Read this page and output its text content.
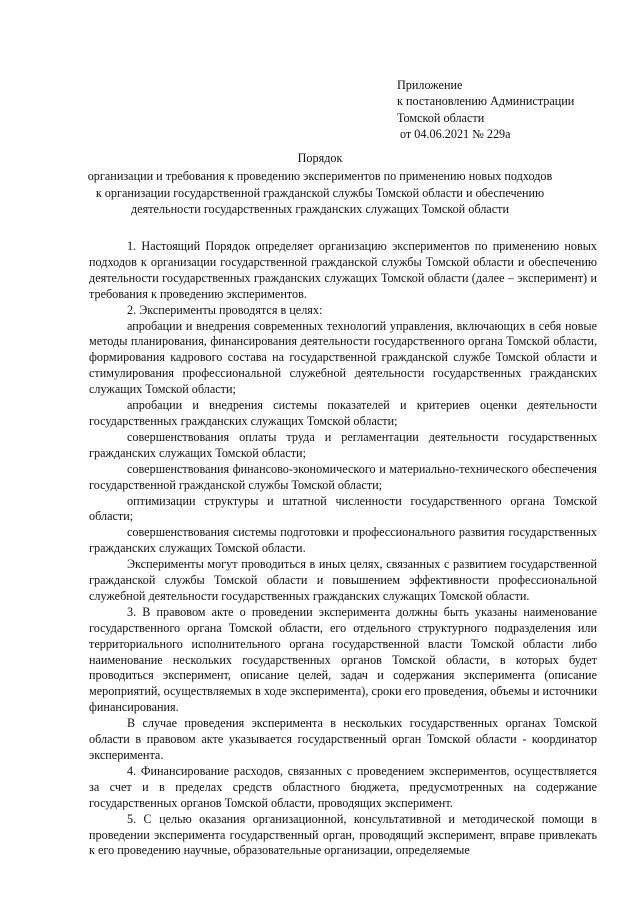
Приложение
к постановлению Администрации
Томской области
от 04.06.2021 № 229а
Порядок
организации и требования к проведению экспериментов по применению новых подходов
к организации государственной гражданской службы Томской области и обеспечению
деятельности государственных гражданских служащих Томской области

1. Настоящий Порядок определяет организацию экспериментов по применению новых подходов к организации государственной гражданской службы Томской области и обеспечению деятельности государственных гражданских служащих Томской области (далее – эксперимент) и требования к проведению экспериментов.

2. Эксперименты проводятся в целях:

апробации и внедрения современных технологий управления, включающих в себя новые методы планирования, финансирования деятельности государственного органа Томской области, формирования кадрового состава на государственной гражданской службе Томской области и стимулирования профессиональной служебной деятельности государственных гражданских служащих Томской области;

апробации и внедрения системы показателей и критериев оценки деятельности государственных гражданских служащих Томской области;

совершенствования оплаты труда и регламентации деятельности государственных гражданских служащих Томской области;

совершенствования финансово-экономического и материально-технического обеспечения государственной гражданской службы Томской области;

оптимизации структуры и штатной численности государственного органа Томской области;

совершенствования системы подготовки и профессионального развития государственных гражданских служащих Томской области.

Эксперименты могут проводиться в иных целях, связанных с развитием государственной гражданской службы Томской области и повышением эффективности профессиональной служебной деятельности государственных гражданских служащих Томской области.

3. В правовом акте о проведении эксперимента должны быть указаны наименование государственного органа Томской области, его отдельного структурного подразделения или территориального исполнительного органа государственной власти Томской области либо наименование нескольких государственных органов Томской области, в которых будет проводиться эксперимент, описание целей, задач и содержания эксперимента (описание мероприятий, осуществляемых в ходе эксперимента), сроки его проведения, объемы и источники финансирования.

В случае проведения эксперимента в нескольких государственных органах Томской области в правовом акте указывается государственный орган Томской области - координатор эксперимента.

4. Финансирование расходов, связанных с проведением экспериментов, осуществляется за счет и в пределах средств областного бюджета, предусмотренных на содержание государственных органов Томской области, проводящих эксперимент.

5. С целью оказания организационной, консультативной и методической помощи в проведении эксперимента государственный орган, проводящий эксперимент, вправе привлекать к его проведению научные, образовательные организации, определяемые
